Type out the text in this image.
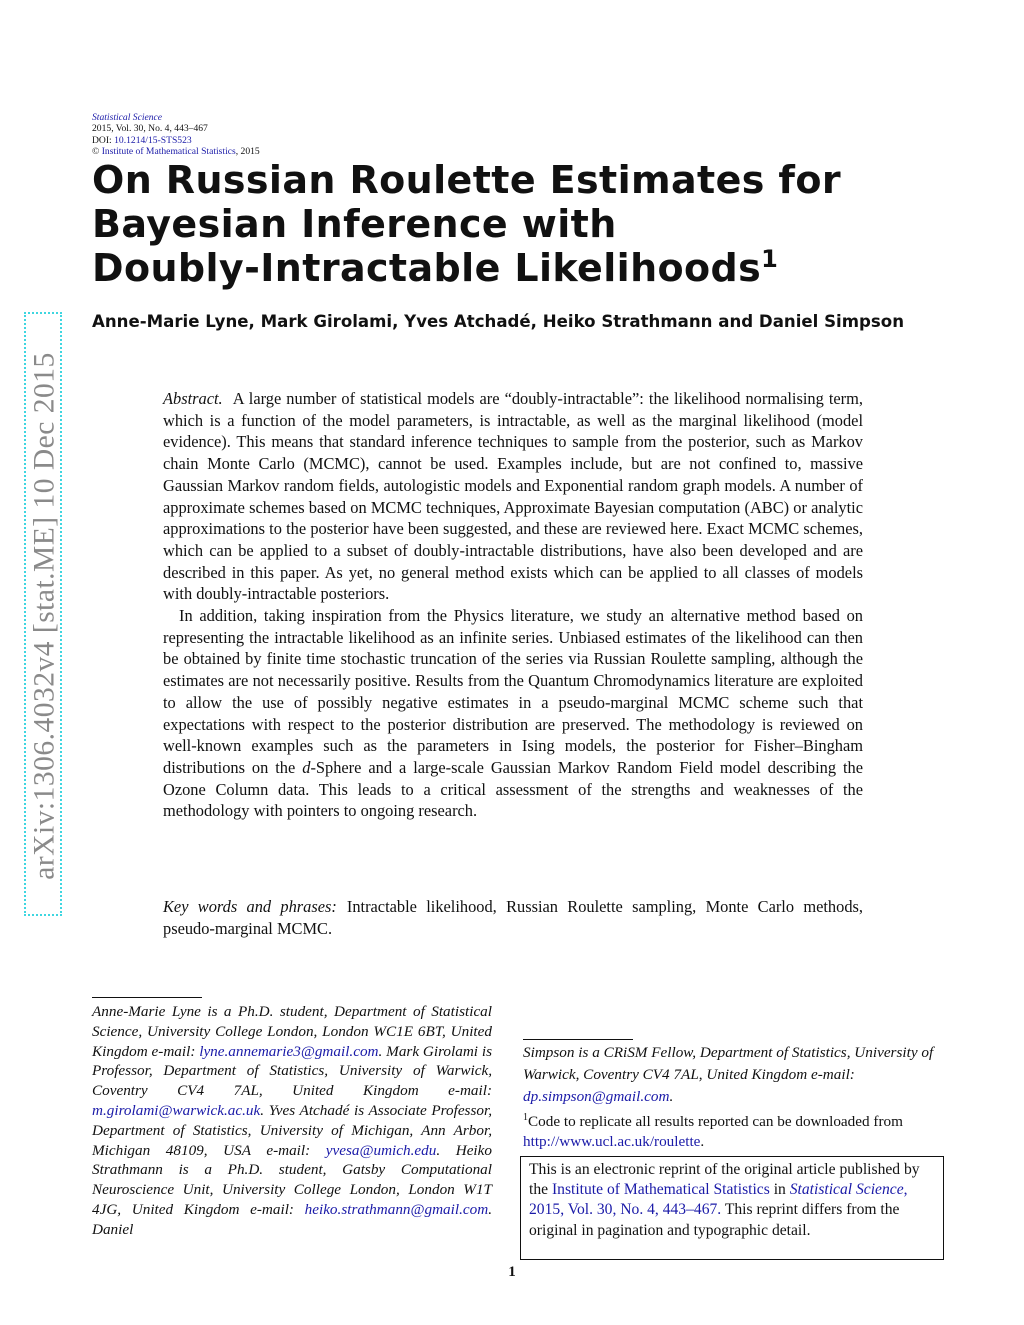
Statistical Science
2015, Vol. 30, No. 4, 443–467
DOI: 10.1214/15-STS523
© Institute of Mathematical Statistics, 2015
On Russian Roulette Estimates for
Bayesian Inference with
Doubly-Intractable Likelihoods$^1$
Anne-Marie Lyne, Mark Girolami, Yves Atchadé, Heiko Strathmann and Daniel Simpson
arXiv:1306.4032v4 [stat.ME] 10 Dec 2015	Abstract. A large number of statistical models are “doubly-intractable”: the likelihood normalising term, which is a function of the model parameters, is intractable, as well as the marginal likelihood (model evidence). This means that standard inference techniques to sample from the posterior, such as Markov chain Monte Carlo (MCMC), cannot be used. Examples include, but are not confined to, massive Gaussian Markov random fields, autologistic models and Exponential random graph models. A number of approximate schemes based on MCMC techniques, Approximate Bayesian computation (ABC) or analytic approximations to the posterior have been suggested, and these are reviewed here. Exact MCMC schemes, which can be applied to a subset of doubly-intractable distributions, have also been developed and are described in this paper. As yet, no general method exists which can be applied to all classes of models with doubly-intractable posteriors.

In addition, taking inspiration from the Physics literature, we study an alternative method based on representing the intractable likelihood as an infinite series. Unbiased estimates of the likelihood can then be obtained by finite time stochastic truncation of the series via Russian Roulette sampling, although the estimates are not necessarily positive. Results from the Quantum Chromodynamics literature are exploited to allow the use of possibly negative estimates in a pseudo-marginal MCMC scheme such that expectations with respect to the posterior distribution are preserved. The methodology is reviewed on well-known examples such as the parameters in Ising models, the posterior for Fisher–Bingham distributions on the d-Sphere and a large-scale Gaussian Markov Random Field model describing the Ozone Column data. This leads to a critical assessment of the strengths and weaknesses of the methodology with pointers to ongoing research.

Key words and phrases: Intractable likelihood, Russian Roulette sampling, Monte Carlo methods, pseudo-marginal MCMC.
Anne-Marie Lyne is a Ph.D. student, Department of Statistical Science, University College London, London WC1E 6BT, United Kingdom e-mail: lyne.annemarie3@gmail.com. Mark Girolami is Professor, Department of Statistics, University of Warwick, Coventry CV4 7AL, United Kingdom e-mail: m.girolami@warwick.ac.uk. Yves Atchadé is Associate Professor, Department of Statistics, University of Michigan, Ann Arbor, Michigan 48109, USA e-mail: yvesa@umich.edu. Heiko Strathmann is a Ph.D. student, Gatsby Computational Neuroscience Unit, University College London, London W1T 4JG, United Kingdom e-mail: heiko.strathmann@gmail.com. Daniel
Simpson is a CRiSM Fellow, Department of Statistics, University of Warwick, Coventry CV4 7AL, United Kingdom e-mail: dp.simpson@gmail.com.
$^1$Code to replicate all results reported can be downloaded from http://www.ucl.ac.uk/roulette.
This is an electronic reprint of the original article published by the Institute of Mathematical Statistics in Statistical Science, 2015, Vol. 30, No. 4, 443–467. This reprint differs from the original in pagination and typographic detail.
1
